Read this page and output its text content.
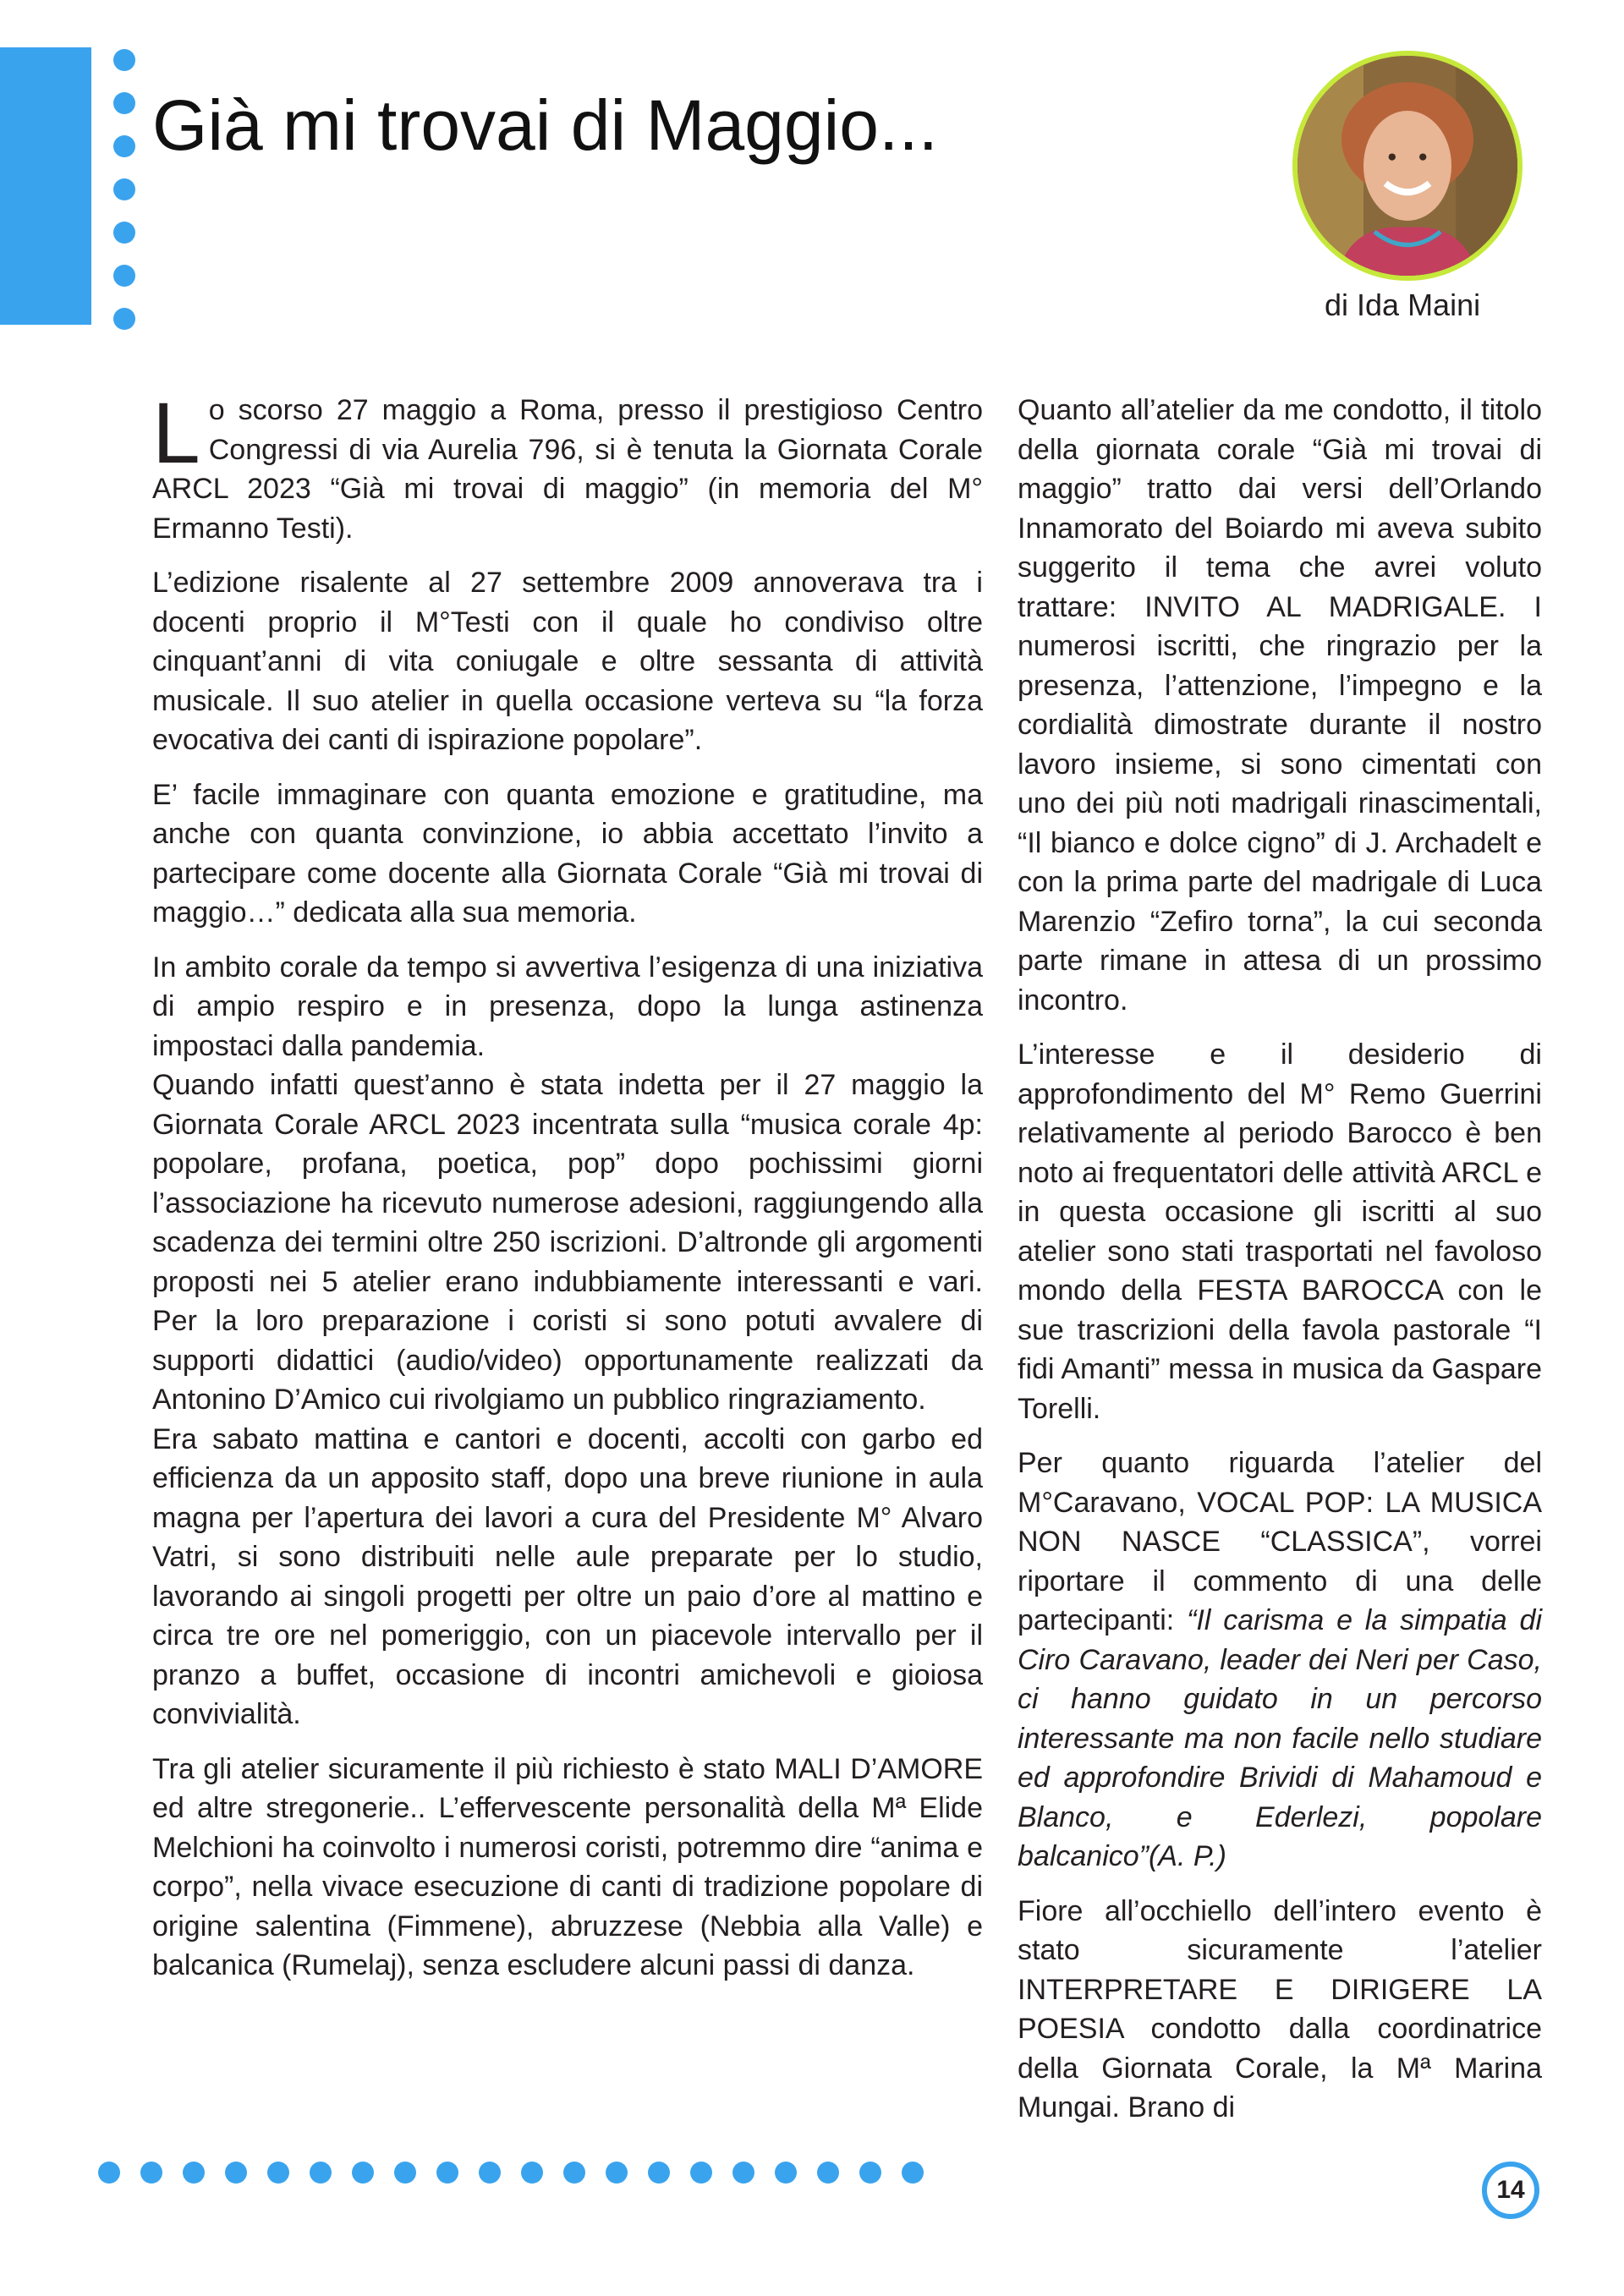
Già mi trovai di Maggio...
di Ida Maini

Lo scorso 27 maggio a Roma, presso il prestigioso Centro Congressi di via Aurelia 796, si è tenuta la Giornata Corale ARCL 2023 “Già mi trovai di maggio” (in memoria del M° Ermanno Testi).

L’edizione risalente al 27 settembre 2009 annoverava tra i docenti proprio il M°Testi con il quale ho condiviso oltre cinquant’anni di vita coniugale e oltre sessanta di attività musicale. Il suo atelier in quella occasione verteva su “la forza evocativa dei canti di ispirazione popolare”.

E’ facile immaginare con quanta emozione e gratitudine, ma anche con quanta convinzione, io abbia accettato l’invito a partecipare come docente alla Giornata Corale “Già mi trovai di maggio…” dedicata alla sua memoria.

In ambito corale da tempo si avvertiva l’esigenza di una iniziativa di ampio respiro e in presenza, dopo la lunga astinenza impostaci dalla pandemia.

Quando infatti quest’anno è stata indetta per il 27 maggio la Giornata Corale ARCL 2023 incentrata sulla “musica corale 4p: popolare, profana, poetica, pop” dopo pochissimi giorni l’associazione ha ricevuto numerose adesioni, raggiungendo alla scadenza dei termini oltre 250 iscrizioni. D’altronde gli argomenti proposti nei 5 atelier erano indubbiamente interessanti e vari. Per la loro preparazione i coristi si sono potuti avvalere di supporti didattici (audio/video) opportunamente realizzati da Antonino D’Amico cui rivolgiamo un pubblico ringraziamento.

Era sabato mattina e cantori e docenti, accolti con garbo ed efficienza da un apposito staff, dopo una breve riunione in aula magna per l’apertura dei lavori a cura del Presidente M° Alvaro Vatri, si sono distribuiti nelle aule preparate per lo studio, lavorando ai singoli progetti per oltre un paio d’ore al mattino e circa tre ore nel pomeriggio, con un piacevole intervallo per il pranzo a buffet, occasione di incontri amichevoli e gioiosa convivialità.

Tra gli atelier sicuramente il più richiesto è stato MALI D’AMORE ed altre stregonerie.. L’effervescente personalità della Mª Elide Melchioni ha coinvolto i numerosi coristi, potremmo dire “anima e corpo”, nella vivace esecuzione di canti di tradizione popolare di origine salentina (Fimmene), abruzzese (Nebbia alla Valle) e balcanica (Rumelaj), senza escludere alcuni passi di danza.

Quanto all’atelier da me condotto, il titolo della giornata corale “Già mi trovai di maggio” tratto dai versi dell’Orlando Innamorato del Boiardo mi aveva subito suggerito il tema che avrei voluto trattare: INVITO AL MADRIGALE. I numerosi iscritti, che ringrazio per la presenza, l’attenzione, l’impegno e la cordialità dimostrate durante il nostro lavoro insieme, si sono cimentati con uno dei più noti madrigali rinascimentali, “Il bianco e dolce cigno” di J. Archadelt e con la prima parte del madrigale di Luca Marenzio “Zefiro torna”, la cui seconda parte rimane in attesa di un prossimo incontro.

L’interesse e il desiderio di approfondimento del M° Remo Guerrini relativamente al periodo Barocco è ben noto ai frequentatori delle attività ARCL e in questa occasione gli iscritti al suo atelier sono stati trasportati nel favoloso mondo della FESTA BAROCCA con le sue trascrizioni della favola pastorale “I fidi Amanti” messa in musica da Gaspare Torelli.

Per quanto riguarda l’atelier del M°Caravano, VOCAL POP: LA MUSICA NON NASCE “CLASSICA”, vorrei riportare il commento di una delle partecipanti: “Il carisma e la simpatia di Ciro Caravano, leader dei Neri per Caso, ci hanno guidato in un percorso interessante ma non facile nello studiare ed approfondire Brividi di Mahamoud e Blanco, e Ederlezi, popolare balcanico”(A. P.)

Fiore all’occhiello dell’intero evento è stato sicuramente l’atelier INTERPRETARE E DIRIGERE LA POESIA condotto dalla coordinatrice della Giornata Corale, la Mª Marina Mungai. Brano di

14
